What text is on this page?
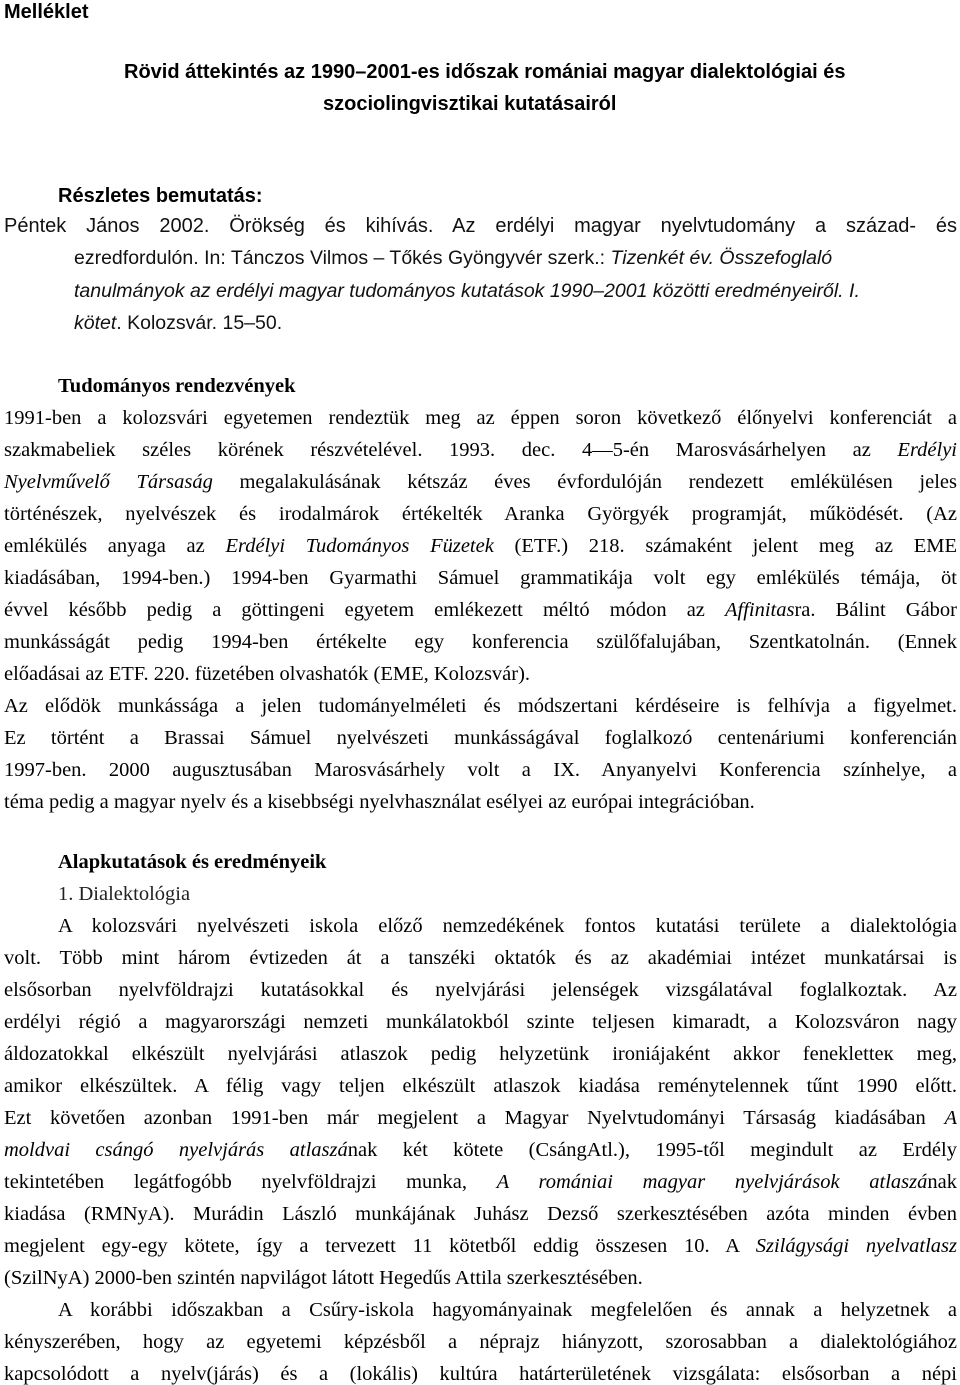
Melléklet
Rövid áttekintés az 1990–2001-es időszak romániai magyar dialektológiai és
szociolingvisztikai kutatásairól
Részletes bemutatás:
Péntek János 2002. Örökség és kihívás. Az erdélyi magyar nyelvtudomány a század- és
ezredfordulón. In: Tánczos Vilmos – Tőkés Gyöngyvér szerk.: Tizenkét év. Összefoglaló
tanulmányok az erdélyi magyar tudományos kutatások 1990–2001 közötti eredményeiről. I.
kötet. Kolozsvár. 15–50.
Tudományos rendezvények
1991-ben a kolozsvári egyetemen rendeztük meg az éppen soron következő élőnyelvi konferenciát a
szakmabeliek széles körének részvételével. 1993. dec. 4—5-én Marosvásárhelyen az Erdélyi
Nyelvművelő Társaság megalakulásának kétszáz éves évfordulóján rendezett emlékülésen jeles
történészek, nyelvészek és irodalmárok értékelték Aranka Györgyék programját, működését. (Az
emlékülés anyaga az Erdélyi Tudományos Füzetek (ETF.) 218. számaként jelent meg az EME
kiadásában, 1994-ben.) 1994-ben Gyarmathi Sámuel grammatikája volt egy emlékülés témája, öt
évvel később pedig a göttingeni egyetem emlékezett méltó módon az Affinitasra. Bálint Gábor
munkásságát pedig 1994-ben értékelte egy konferencia szülőfalujában, Szentkatolnán. (Ennek
előadásai az ETF. 220. füzetében olvashatók (EME, Kolozsvár).
Az elődök munkássága a jelen tudományelméleti és módszertani kérdéseire is felhívja a figyelmet.
Ez történt a Brassai Sámuel nyelvészeti munkásságával foglalkozó centenáriumi konferencián
1997-ben. 2000 augusztusában Marosvásárhely volt a IX. Anyanyelvi Konferencia színhelye, a
téma pedig a magyar nyelv és a kisebbségi nyelvhasználat esélyei az európai integrációban.
Alapkutatások és eredményeik
1. Dialektológia
A kolozsvári nyelvészeti iskola előző nemzedékének fontos kutatási területe a dialektológia
volt. Több mint három évtizeden át a tanszéki oktatók és az akadémiai intézet munkatársai is
elsősorban nyelvföldrajzi kutatásokkal és nyelvjárási jelenségek vizsgálatával foglalkoztak. Az
erdélyi régió a magyarországi nemzeti munkálatokból szinte teljesen kimaradt, a Kolozsváron nagy
áldozatokkal elkészült nyelvjárási atlaszok pedig helyzetünk ironiájaként akkor fenekletteк meg,
amikor elkészültek. A félig vagy teljen elkészült atlaszok kiadása reménytelennek tűnt 1990 előtt.
Ezt követően azonban 1991-ben már megjelent a Magyar Nyelvtudományi Társaság kiadásában A
moldvai csángó nyelvjárás atlaszának két kötete (CsángAtl.), 1995-től megindult az Erdély
tekintetében legátfogóbb nyelvföldrajzi munka, A romániai magyar nyelvjárások atlaszának
kiadása (RMNyA). Murádin László munkájának Juhász Dezső szerkesztésében azóta minden évben
megjelent egy-egy kötete, így a tervezett 11 kötetből eddig összesen 10. A Szilágysági nyelvatlasz
(SzilNyA) 2000-ben szintén napvilágot látott Hegedűs Attila szerkesztésében.
A korábbi időszakban a Csűry-iskola hagyományainak megfelelően és annak a helyzetnek a
kényszerében, hogy az egyetemi képzésből a néprajz hiányzott, szorosabban a dialektológiához
kapcsolódott a nyelv(járás) és a (lokális) kultúra határterületének vizsgálata: elsősorban a népi
